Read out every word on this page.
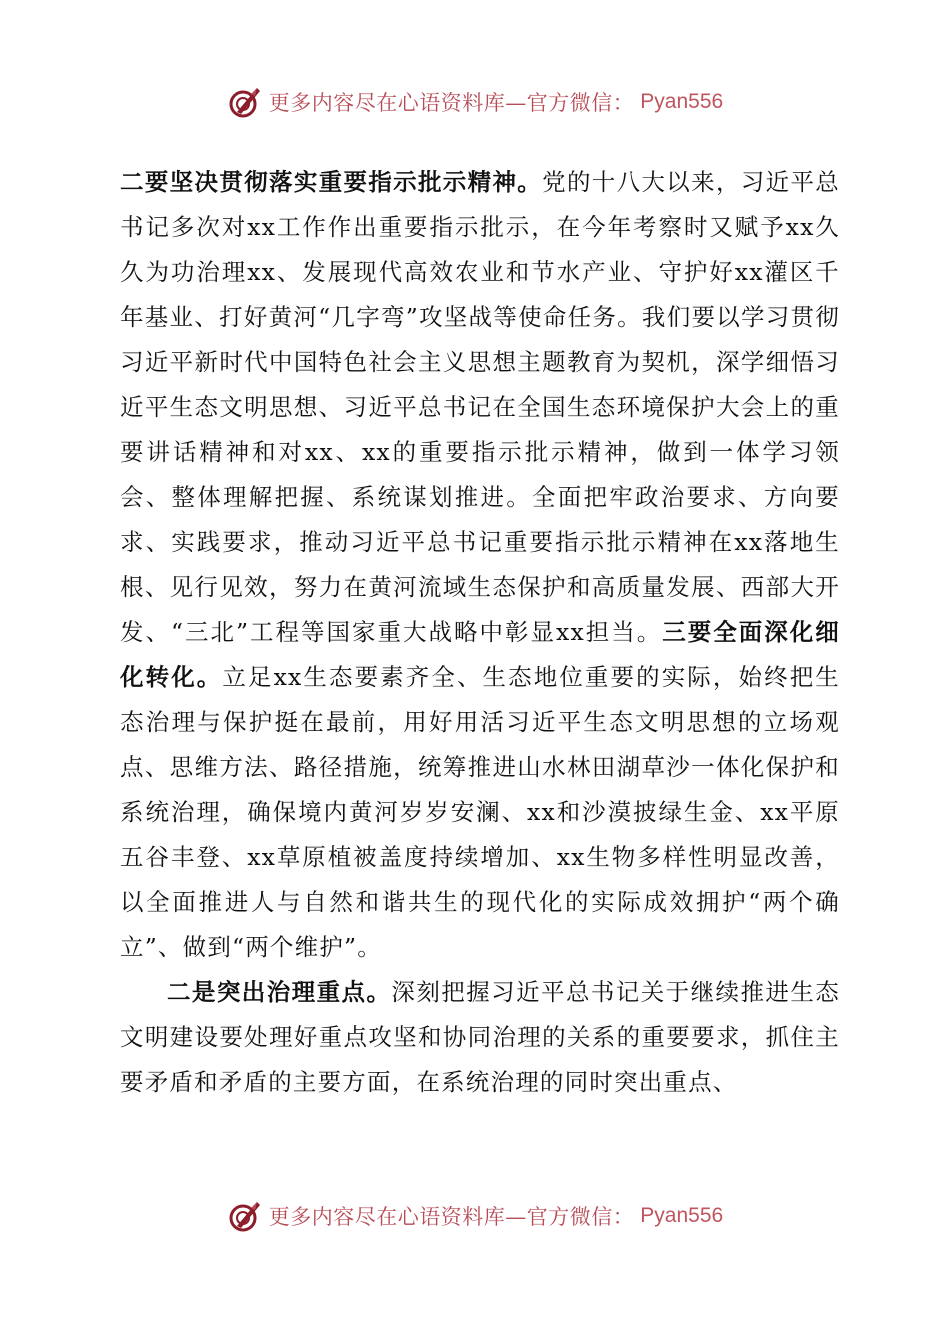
更多内容尽在心语资料库—官方微信： Pyan556

二要坚决贯彻落实重要指示批示精神。党的十八大以来，习近平总书记多次对xx工作作出重要指示批示，在今年考察时又赋予xx久久为功治理xx、发展现代高效农业和节水产业、守护好xx灌区千年基业、打好黄河“几字弯”攻坚战等使命任务。我们要以学习贯彻习近平新时代中国特色社会主义思想主题教育为契机，深学细悟习近平生态文明思想、习近平总书记在全国生态环境保护大会上的重要讲话精神和对xx、xx的重要指示批示精神，做到一体学习领会、整体理解把握、系统谋划推进。全面把牢政治要求、方向要求、实践要求，推动习近平总书记重要指示批示精神在xx落地生根、见行见效，努力在黄河流域生态保护和高质量发展、西部大开发、“三北”工程等国家重大战略中彰显xx担当。三要全面深化细化转化。立足xx生态要素齐全、生态地位重要的实际，始终把生态治理与保护挺在最前，用好用活习近平生态文明思想的立场观点、思维方法、路径措施，统筹推进山水林田湖草沙一体化保护和系统治理，确保境内黄河岁岁安澜、xx和沙漠披绿生金、xx平原五谷丰登、xx草原植被盖度持续增加、xx生物多样性明显改善，以全面推进人与自然和谐共生的现代化的实际成效拥护“两个确立”、做到“两个维护”。

二是突出治理重点。深刻把握习近平总书记关于继续推进生态文明建设要处理好重点攻坚和协同治理的关系的重要要求，抓住主要矛盾和矛盾的主要方面，在系统治理的同时突出重点、

更多内容尽在心语资料库—官方微信： Pyan556
